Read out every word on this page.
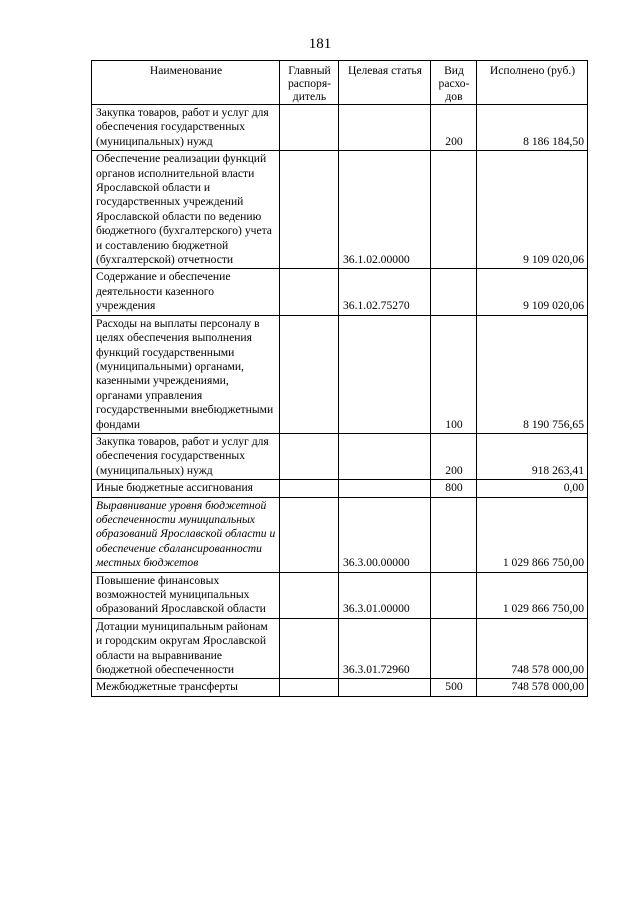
181
Наименование	Главный распоря-дитель	Целевая статья	Вид расхо-дов	Исполнено (руб.)
Закупка товаров, работ и услуг для обеспечения государственных (муниципальных) нужд			200	8 186 184,50
Обеспечение реализации функций органов исполнительной власти Ярославской области и государственных учреждений Ярославской области по ведению бюджетного (бухгалтерского) учета и составлению бюджетной (бухгалтерской) отчетности		36.1.02.00000		9 109 020,06
Содержание и обеспечение деятельности казенного учреждения		36.1.02.75270		9 109 020,06
Расходы на выплаты персоналу в целях обеспечения выполнения функций государственными (муниципальными) органами, казенными учреждениями, органами управления государственными внебюджетными фондами			100	8 190 756,65
Закупка товаров, работ и услуг для обеспечения государственных (муниципальных) нужд			200	918 263,41
Иные бюджетные ассигнования			800	0,00
Выравнивание уровня бюджетной обеспеченности муниципальных образований Ярославской области и обеспечение сбалансированности местных бюджетов		36.3.00.00000		1 029 866 750,00
Повышение финансовых возможностей муниципальных образований Ярославской области		36.3.01.00000		1 029 866 750,00
Дотации муниципальным районам и городским округам Ярославской области на выравнивание бюджетной обеспеченности		36.3.01.72960		748 578 000,00
Межбюджетные трансферты			500	748 578 000,00
